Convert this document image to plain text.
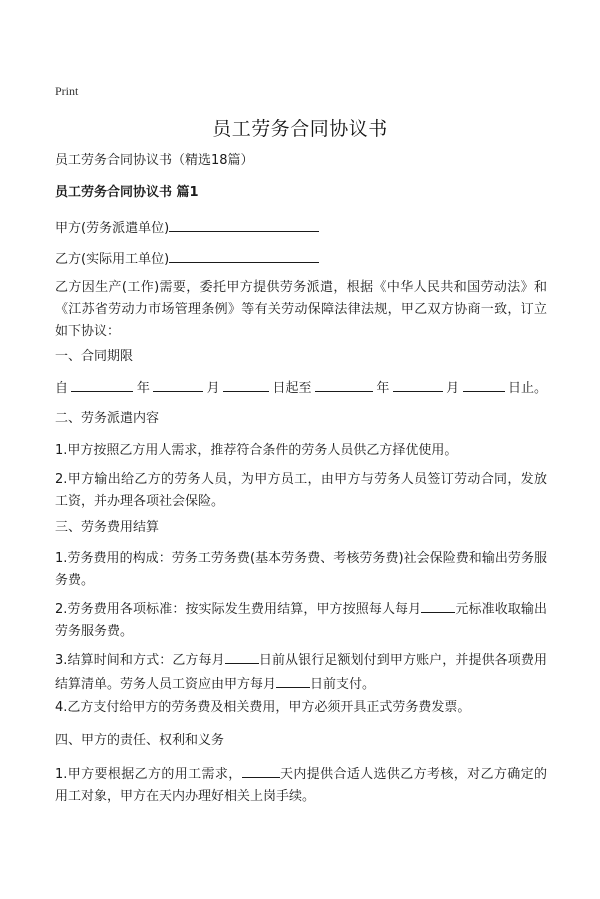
Print
员工劳务合同协议书
员工劳务合同协议书（精选18篇）
员工劳务合同协议书 篇1
甲方(劳务派遣单位)
乙方(实际用工单位)
乙方因生产(工作)需要，委托甲方提供劳务派遣，根据《中华人民共和国劳动法》和《江苏省劳动力市场管理条例》等有关劳动保障法律法规，甲乙双方协商一致，订立如下协议：
一、合同期限
自	年	月	日起至	年	月	日止。
二、劳务派遣内容
1.甲方按照乙方用人需求，推荐符合条件的劳务人员供乙方择优使用。
2.甲方输出给乙方的劳务人员，为甲方员工，由甲方与劳务人员签订劳动合同，发放工资，并办理各项社会保险。
三、劳务费用结算
1.劳务费用的构成：劳务工劳务费(基本劳务费、考核劳务费)社会保险费和输出劳务服务费。
2.劳务费用各项标准：按实际发生费用结算，甲方按照每人每月	元标准收取输出劳务服务费。
3.结算时间和方式：乙方每月	日前从银行足额划付到甲方账户，并提供各项费用结算清单。劳务人员工资应由甲方每月	日前支付。
4.乙方支付给甲方的劳务费及相关费用，甲方必须开具正式劳务费发票。
四、甲方的责任、权利和义务
1.甲方要根据乙方的用工需求，	天内提供合适人选供乙方考核，对乙方确定的用工对象，甲方在天内办理好相关上岗手续。
